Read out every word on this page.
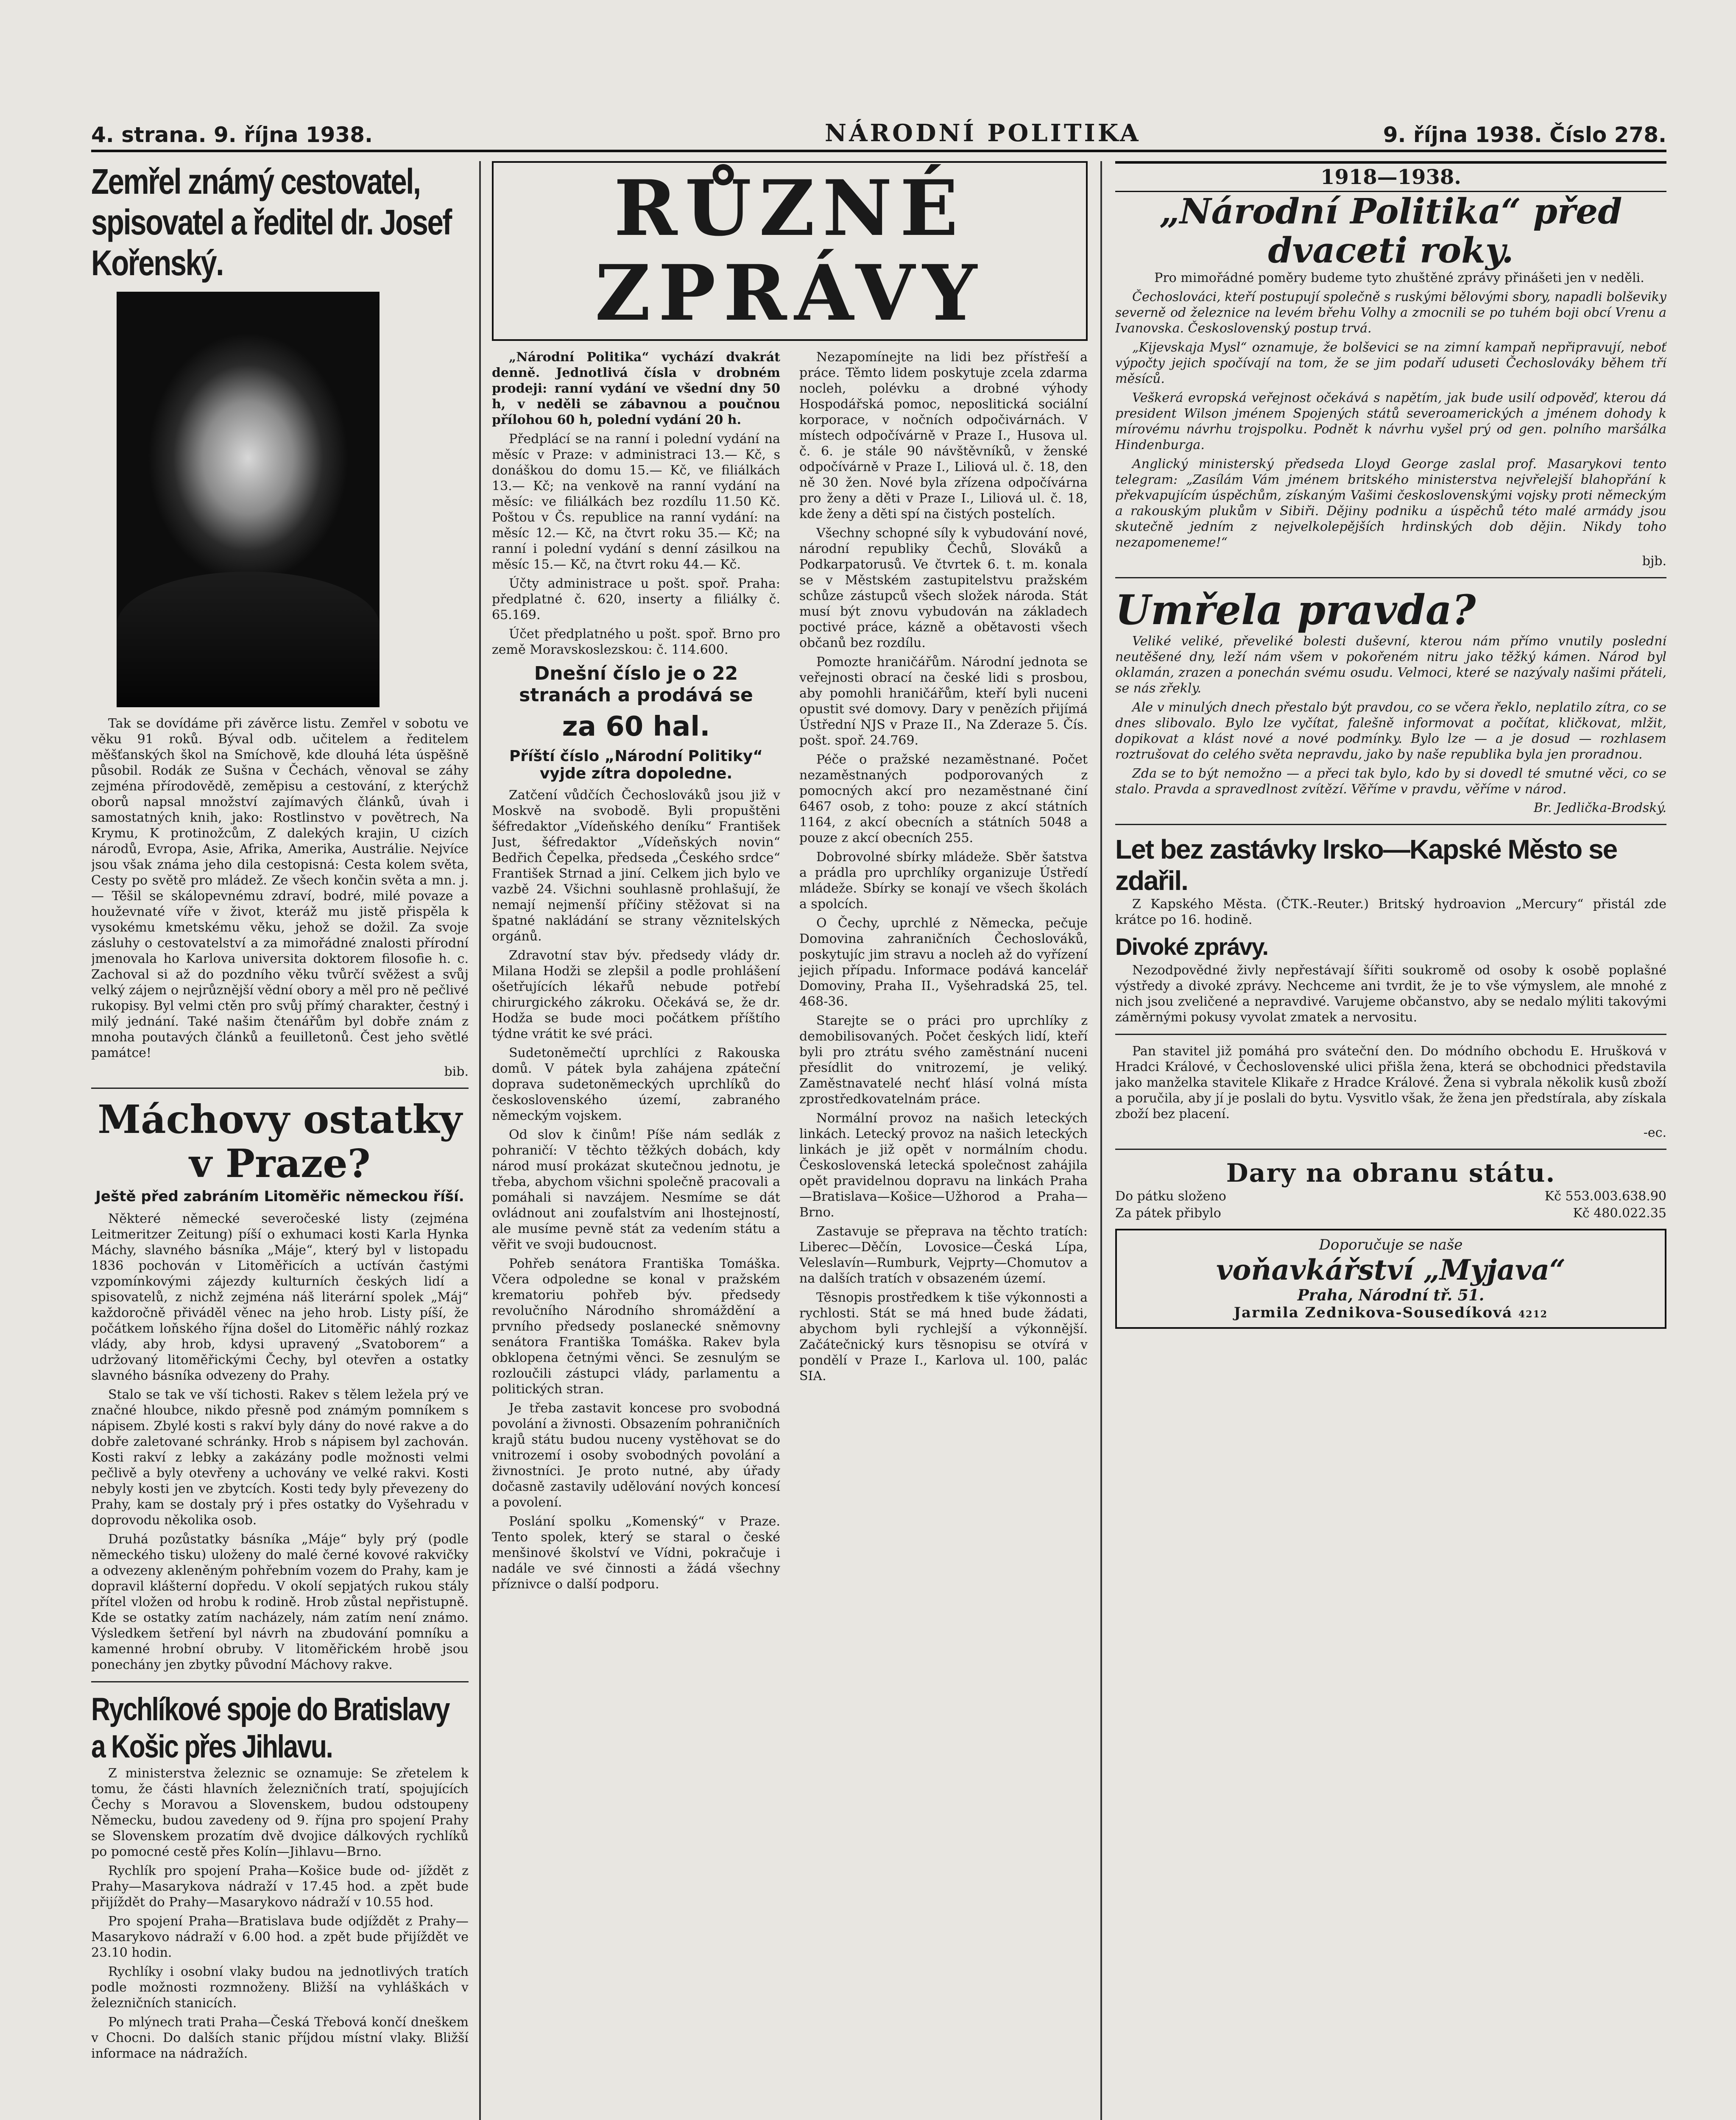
4. strana. 9. října 1938.	NÁRODNÍ POLITIKA	9. října 1938. Číslo 278.
Zemřel známý cestovatel, spisovatel a ředitel dr. Josef Kořenský.

Tak se dovídáme při závěrce listu. Zemřel v sobotu ve věku 91 roků. Býval odb. učitelem a ředitelem měšťanských škol na Smíchově, kde dlouhá léta úspěšně působil. Rodák ze Sušna v Čechách, věnoval se záhy zejména přírodovědě, zeměpisu a cestování, z kterýchž oborů napsal množství zajímavých článků, úvah i samostatných knih, jako: Rostlinstvo v povětrech, Na Krymu, K protinožcům, Z dalekých krajin, U cizích národů, Evropa, Asie, Afrika, Amerika, Austrálie. Nejvíce jsou však známa jeho dila cestopisná: Cesta kolem světa, Cesty po světě pro mládež. Ze všech končin světa a mn. j. — Těšil se skálopevnému zdraví, bodré, milé povaze a houževnaté víře v život, kteráž mu jistě přispěla k vysokému kmetskému věku, jehož se dožil. Za svoje zásluhy o cestovatelství a za mimořádné znalosti přírodní jmenovala ho Karlova universita doktorem filosofie h. c. Zachoval si až do pozdního věku tvůrčí svěžest a svůj velký zájem o nejrůznější vědní obory a měl pro ně pečlivé rukopisy. Byl velmi ctěn pro svůj přímý charakter, čestný i milý jednání. Také našim čtenářům byl dobře znám z mnoha poutavých článků a feuilletonů. Čest jeho světlé památce!

bib.
Máchovy ostatky v Praze?
Ještě před zabráním Litoměřic německou říší.

Některé německé severočeské listy (zejména Leitmeritzer Zeitung) píší o exhumaci kosti Karla Hynka Máchy, slavného básníka „Máje“, který byl v listopadu 1836 pochován v Litoměřicích a uctíván častými vzpomínkovými zájezdy kulturních českých lidí a spisovatelů, z nichž zejména náš literární spolek „Máj“ každoročně přiváděl věnec na jeho hrob. Listy píší, že počátkem loňského října došel do Litoměřic náhlý rozkaz vlády, aby hrob, kdysi upravený „Svatoborem“ a udržovaný litoměřickými Čechy, byl otevřen a ostatky slavného básníka odvezeny do Prahy.

Stalo se tak ve vší tichosti. Rakev s tělem ležela prý ve značné hloubce, nikdo přesně pod známým pomníkem s nápisem. Zbylé kosti s rakví byly dány do nové rakve a do dobře zaletované schránky. Hrob s nápisem byl zachován. Kosti rakví z lebky a zakázány podle možnosti velmi pečlivě a byly otevřeny a uchovány ve velké rakvi. Kosti nebyly kosti jen ve zbytcích. Kosti tedy byly převezeny do Prahy, kam se dostaly prý i přes ostatky do Vyšehradu v doprovodu několika osob.

Druhá pozůstatky básníka „Máje“ byly prý (podle německého tisku) uloženy do malé černé kovové rakvičky a odvezeny akleněným pohřebním vozem do Prahy, kam je dopravil klášterní dopředu. V okolí sepjatých rukou stály přítel vložen od hrobu k rodině. Hrob zůstal nepřistupně. Kde se ostatky zatím nacházely, nám zatím není známo. Výsledkem šetření byl návrh na zbudování pomníku a kamenné hrobní obruby. V litoměřickém hrobě jsou ponechány jen zbytky původní Máchovy rakve.

Rychlíkové spoje do Bratislavy a Košic přes Jihlavu.

Z ministerstva železnic se oznamuje: Se zřetelem k tomu, že části hlavních železničních tratí, spojujících Čechy s Moravou a Slovenskem, budou odstoupeny Německu, budou zavedeny od 9. října pro spojení Prahy se Slovenskem prozatím dvě dvojice dálkových rychlíků po pomocné cestě přes Kolín—Jihlavu—Brno.

Rychlík pro spojení Praha—Košice bude od- jíždět z Prahy—Masarykova nádraží v 17.45 hod. a zpět bude přijíždět do Prahy—Masarykovo nádraží v 10.55 hod.

Pro spojení Praha—Bratislava bude odjíždět z Prahy—Masarykovo nádraží v 6.00 hod. a zpět bude přijíždět ve 23.10 hodin.

Rychlíky i osobní vlaky budou na jednotlivých tratích podle možnosti rozmnoženy. Bližší na vyhláškách v železničních stanicích.

Po mlýnech trati Praha—Česká Třebová končí dneškem v Chocni. Do dalších stanic příjdou místní vlaky. Bližší informace na nádražích.

RŮZNÉ ZPRÁVY

„Národní Politika“ vychází dvakrát denně. Jednotlivá čísla v drobném prodeji: ranní vydání ve všední dny 50 h, v neděli se zábavnou a poučnou přílohou 60 h, polední vydání 20 h.

Předplácí se na ranní i polední vydání na měsíc v Praze: v administraci 13.— Kč, s donáškou do domu 15.— Kč, ve filiálkách 13.— Kč; na venkově na ranní vydání na měsíc: ve filiálkách bez rozdílu 11.50 Kč. Poštou v Čs. republice na ranní vydání: na měsíc 12.— Kč, na čtvrt roku 35.— Kč; na ranní i polední vydání s denní zásilkou na měsíc 15.— Kč, na čtvrt roku 44.— Kč.

Účty administrace u pošt. spoř. Praha: předplatné č. 620, inserty a filiálky č. 65.169.

Účet předplatného u pošt. spoř. Brno pro země Moravskoslezskou: č. 114.600.

Dnešní číslo je o 22 stranách a prodává se
za 60 hal.
Příští číslo „Národní Politiky“ vyjde zítra dopoledne.

Zatčení vůdčích Čechoslováků jsou již v Moskvě na svobodě. Byli propuštěni šéfredaktor „Vídeňského deníku“ František Just, šéfredaktor „Vídeňských novin“ Bedřich Čepelka, předseda „Českého srdce“ František Strnad a jiní. Celkem jich bylo ve vazbě 24. Všichni souhlasně prohlašují, že nemají nejmenší příčiny stěžovat si na špatné nakládání se strany věznitelských orgánů.

Zdravotní stav býv. předsedy vlády dr. Milana Hodži se zlepšil a podle prohlášení ošetřujících lékařů nebude potřebí chirurgického zákroku. Očekává se, že dr. Hodža se bude moci počátkem příštího týdne vrátit ke své práci.

Sudetoněmečtí uprchlíci z Rakouska domů. V pátek byla zahájena zpáteční doprava sudetoněmeckých uprchlíků do československého území, zabraného německým vojskem.

Od slov k činům! Píše nám sedlák z pohraničí: V těchto těžkých dobách, kdy národ musí prokázat skutečnou jednotu, je třeba, abychom všichni společně pracovali a pomáhali si navzájem. Nesmíme se dát ovládnout ani zoufalstvím ani lhostejností, ale musíme pevně stát za vedením státu a věřit ve svoji budoucnost.

Pohřeb senátora Františka Tomáška. Včera odpoledne se konal v pražském krematoriu pohřeb býv. předsedy revolučního Národního shromáždění a prvního předsedy poslanecké sněmovny senátora Františka Tomáška. Rakev byla obklopena četnými věnci. Se zesnulým se rozloučili zástupci vlády, parlamentu a politických stran.

Je třeba zastavit koncese pro svobodná povolání a živnosti. Obsazením pohraničních krajů státu budou nuceny vystěhovat se do vnitrozemí i osoby svobodných povolání a živnostníci. Je proto nutné, aby úřady dočasně zastavily udělování nových koncesí a povolení.

Poslání spolku „Komenský“ v Praze. Tento spolek, který se staral o české menšinové školství ve Vídni, pokračuje i nadále ve své činnosti a žádá všechny příznivce o další podporu.

Nezapomínejte na lidi bez přístřeší a práce. Těmto lidem poskytuje zcela zdarma nocleh, polévku a drobné výhody Hospodářská pomoc, neposlitická sociální korporace, v nočních odpočivárnách. V místech odpočívárně v Praze I., Husova ul. č. 6. je stále 90 návštěvníků, v ženské odpočívárně v Praze I., Liliová ul. č. 18, den ně 30 žen. Nové byla zřízena odpočívárna pro ženy a děti v Praze I., Liliová ul. č. 18, kde ženy a děti spí na čistých postelích.

Všechny schopné síly k vybudování nové, národní republiky Čechů, Slováků a Podkarpatorusů. Ve čtvrtek 6. t. m. konala se v Městském zastupitelstvu pražském schůze zástupců všech složek národa. Stát musí být znovu vybudován na základech poctivé práce, kázně a obětavosti všech občanů bez rozdílu.

Pomozte hraničářům. Národní jednota se veřejnosti obrací na české lidi s prosbou, aby pomohli hraničářům, kteří byli nuceni opustit své domovy. Dary v penězích přijímá Ústřední NJS v Praze II., Na Zderaze 5. Čís. pošt. spoř. 24.769.

Péče o pražské nezaměstnané. Počet nezaměstnaných podporovaných z pomocných akcí pro nezaměstnané činí 6467 osob, z toho: pouze z akcí státních 1164, z akcí obecních a státních 5048 a pouze z akcí obecních 255.

Dobrovolné sbírky mládeže. Sběr šatstva a prádla pro uprchlíky organizuje Ústředí mládeže. Sbírky se konají ve všech školách a spolcích.

O Čechy, uprchlé z Německa, pečuje Domovina zahraničních Čechoslováků, poskytujíc jim stravu a nocleh až do vyřízení jejich případu. Informace podává kancelář Domoviny, Praha II., Vyšehradská 25, tel. 468-36.

Starejte se o práci pro uprchlíky z demobilisovaných. Počet českých lidí, kteří byli pro ztrátu svého zaměstnání nuceni přesídlit do vnitrozemí, je veliký. Zaměstnavatelé nechť hlásí volná místa zprostředkovatelnám práce.

Normální provoz na našich leteckých linkách. Letecký provoz na našich leteckých linkách je již opět v normálním chodu. Československá letecká společnost zahájila opět pravidelnou dopravu na linkách Praha—Bratislava—Košice—Užhorod a Praha—Brno.

Zastavuje se přeprava na těchto tratích: Liberec—Děčín, Lovosice—Česká Lípa, Veleslavín—Rumburk, Vejprty—Chomutov a na dalších tratích v obsazeném území.

Těsnopis prostředkem k tiše výkonnosti a rychlosti. Stát se má hned bude žádati, abychom byli rychlejší a výkonnější. Začátečnický kurs těsnopisu se otvírá v pondělí v Praze I., Karlova ul. 100, palác SIA.

1918—1938.
„Národní Politika“ před dvaceti roky.

Pro mimořádné poměry budeme tyto zhuštěné zprávy přinášeti jen v neděli.

Čechoslováci, kteří postupují společně s ruskými bělovými sbory, napadli bolševiky severně od železnice na levém břehu Volhy a zmocnili se po tuhém boji obcí Vrenu a Ivanovska. Československý postup trvá.

„Kijevskaja Mysl“ oznamuje, že bolševici se na zimní kampaň nepřipravují, neboť výpočty jejich spočívají na tom, že se jim podaří uduseti Čechoslováky během tří měsíců.

Veškerá evropská veřejnost očekává s napětím, jak bude usilí odpověď, kterou dá president Wilson jménem Spojených států severoamerických a jménem dohody k mírovému návrhu trojspolku. Podnět k návrhu vyšel prý od gen. polního maršálka Hindenburga.

Anglický ministerský předseda Lloyd George zaslal prof. Masarykovi tento telegram: „Zasílám Vám jménem britského ministerstva nejvřelejší blahopřání k překvapujícím úspěchům, získaným Vašimi československými vojsky proti německým a rakouským plukům v Sibiři. Dějiny podniku a úspěchů této malé armády jsou skutečně jedním z nejvelkolepějších hrdinských dob dějin. Nikdy toho nezapomeneme!“

bjb.
Umřela pravda?

Veliké veliké, převeliké bolesti duševní, kterou nám přímo vnutily poslední neutěšené dny, leží nám všem v pokořeném nitru jako těžký kámen. Národ byl oklamán, zrazen a ponechán svému osudu. Velmoci, které se nazývaly našimi přáteli, se nás zřekly.

Ale v minulých dnech přestalo být pravdou, co se včera řeklo, neplatilo zítra, co se dnes slibovalo. Bylo lze vyčítat, falešně informovat a počítat, kličkovat, mlžit, dopikovat a klást nové a nové podmínky. Bylo lze — a je dosud — rozhlasem roztrušovat do celého světa nepravdu, jako by naše republika byla jen proradnou.

Zda se to být nemožno — a přeci tak bylo, kdo by si dovedl té smutné věci, co se stalo. Pravda a spravedlnost zvítězí. Věříme v pravdu, věříme v národ.

Br. Jedlička-Brodský.
Let bez zastávky Irsko—Kapské Město se zdařil.

Z Kapského Města. (ČTK.-Reuter.) Britský hydroavion „Mercury“ přistál zde krátce po 16. hodině.

Divoké zprávy.

Nezodpovědné živly nepřestávají šířiti soukromě od osoby k osobě poplašné výstředy a divoké zprávy. Nechceme ani tvrdit, že je to vše výmyslem, ale mnohé z nich jsou zveličené a nepravdivé. Varujeme občanstvo, aby se nedalo mýliti takovými záměrnými pokusy vyvolat zmatek a nervositu.

Pan stavitel již pomáhá pro sváteční den. Do módního obchodu E. Hrušková v Hradci Králové, v Čechoslovenské ulici přišla žena, která se obchodnici představila jako manželka stavitele Klikaře z Hradce Králové. Žena si vybrala několik kusů zboží a poručila, aby jí je poslali do bytu. Vysvitlo však, že žena jen předstírala, aby získala zboží bez placení.

-ec.
Dary na obranu státu.
Do pátku složeno	Kč 553.003.638.90
Za pátek přibylo	Kč 480.022.35
Doporučuje se naše
voňavkářství „Myjava“
Praha, Národní tř. 51.
Jarmila Zednikova-Sousedíková 4212
